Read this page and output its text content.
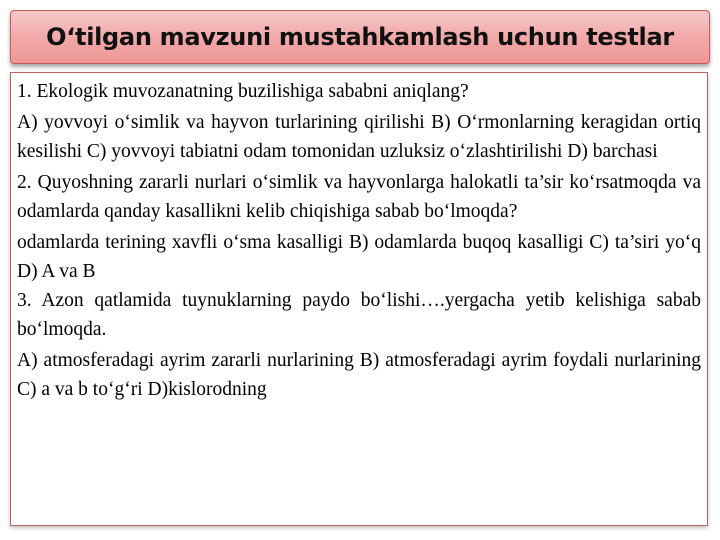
O‘tilgan mavzuni mustahkamlash uchun testlar

1. Ekologik muvozanatning buzilishiga sababni aniqlang?

A) yovvoyi o‘simlik va hayvon turlarining qirilishi B) O‘rmonlarning keragidan ortiq kesilishi C) yovvoyi tabiatni odam tomonidan uzluksiz o‘zlashtirilishi D) barchasi

2. Quyoshning zararli nurlari o‘simlik va hayvonlarga halokatli ta’sir ko‘rsatmoqda va odamlarda qanday kasallikni kelib chiqishiga sabab bo‘lmoqda?

odamlarda terining xavfli o‘sma kasalligi B) odamlarda buqoq kasalligi C) ta’siri yo‘q D) A va B

3. Azon qatlamida tuynuklarning paydo bo‘lishi….yergacha yetib kelishiga sabab bo‘lmoqda.

A) atmosferadagi ayrim zararli nurlarining B) atmosferadagi ayrim foydali nurlarining C) a va b to‘g‘ri D)kislorodning
